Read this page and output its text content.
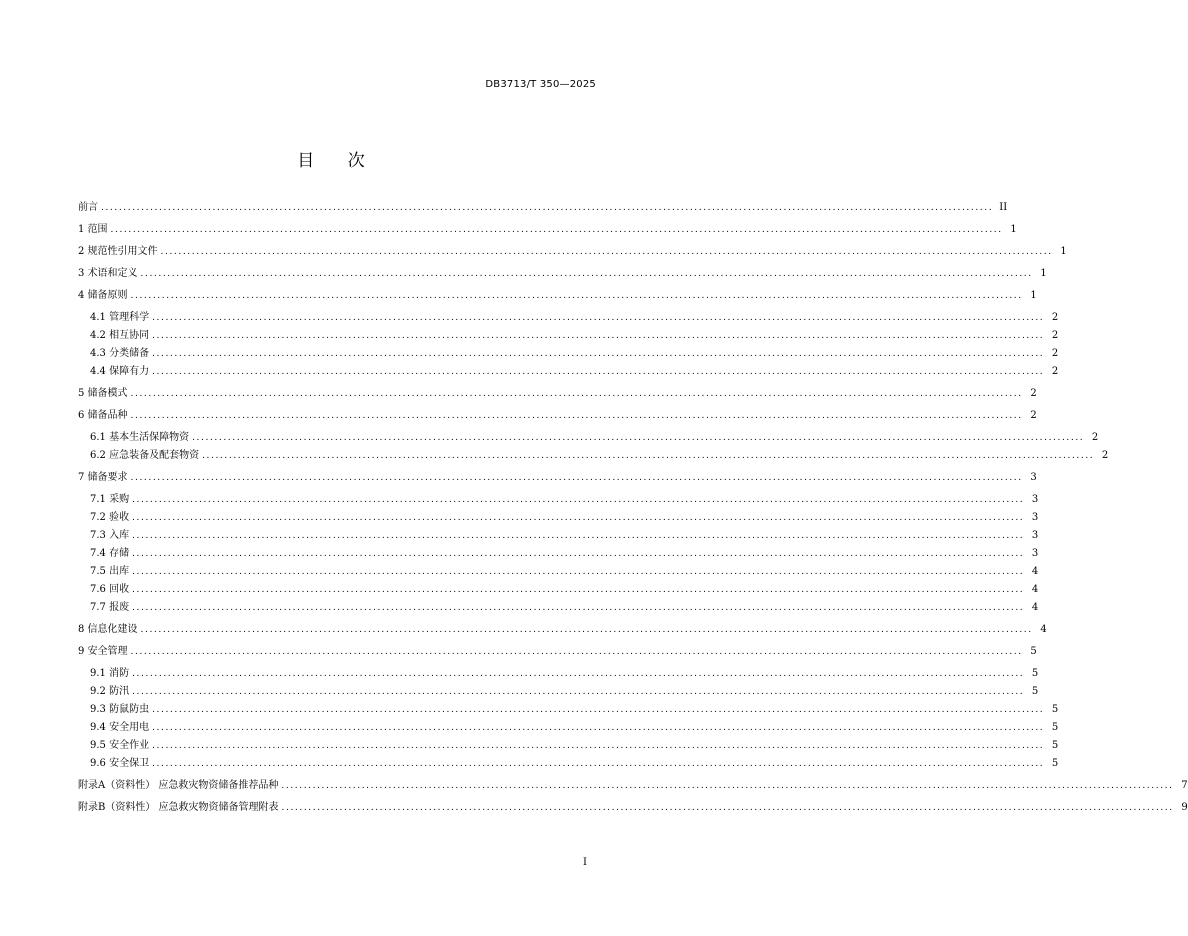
DB3713/T 350—2025
目 次
前言 ........................................................................................................................................................................................................ II
1 范围 ........................................................................................................................................................................................................ 1
2 规范性引用文件 ........................................................................................................................................................................................................ 1
3 术语和定义 ........................................................................................................................................................................................................ 1
4 储备原则 ........................................................................................................................................................................................................ 1
4.1 管理科学 ........................................................................................................................................................................................................ 2
4.2 相互协同 ........................................................................................................................................................................................................ 2
4.3 分类储备 ........................................................................................................................................................................................................ 2
4.4 保障有力 ........................................................................................................................................................................................................ 2
5 储备模式 ........................................................................................................................................................................................................ 2
6 储备品种 ........................................................................................................................................................................................................ 2
6.1 基本生活保障物资 ........................................................................................................................................................................................................ 2
6.2 应急装备及配套物资 ........................................................................................................................................................................................................ 2
7 储备要求 ........................................................................................................................................................................................................ 3
7.1 采购 ........................................................................................................................................................................................................ 3
7.2 验收 ........................................................................................................................................................................................................ 3
7.3 入库 ........................................................................................................................................................................................................ 3
7.4 存储 ........................................................................................................................................................................................................ 3
7.5 出库 ........................................................................................................................................................................................................ 4
7.6 回收 ........................................................................................................................................................................................................ 4
7.7 报废 ........................................................................................................................................................................................................ 4
8 信息化建设 ........................................................................................................................................................................................................ 4
9 安全管理 ........................................................................................................................................................................................................ 5
9.1 消防 ........................................................................................................................................................................................................ 5
9.2 防汛 ........................................................................................................................................................................................................ 5
9.3 防鼠防虫 ........................................................................................................................................................................................................ 5
9.4 安全用电 ........................................................................................................................................................................................................ 5
9.5 安全作业 ........................................................................................................................................................................................................ 5
9.6 安全保卫 ........................................................................................................................................................................................................ 5
附录A（资料性） 应急救灾物资储备推荐品种 ........................................................................................................................................................................................................ 7
附录B（资料性） 应急救灾物资储备管理附表 ........................................................................................................................................................................................................ 9
I
